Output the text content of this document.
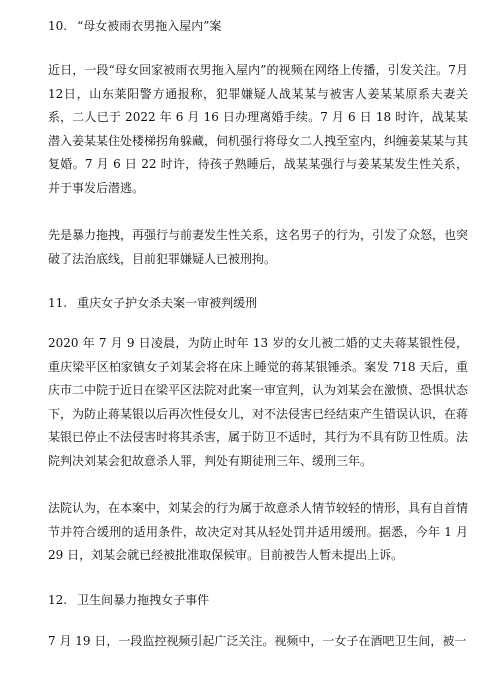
10. “母女被雨衣男拖入屋内”案

近日，一段“母女回家被雨衣男拖入屋内”的视频在网络上传播，引发关注。7月12日，山东莱阳警方通报称，犯罪嫌疑人战某某与被害人姜某某原系夫妻关系，二人已于 2022 年 6 月 16 日办理离婚手续。7 月 6 日 18 时许，战某某潜入姜某某住处楼梯拐角躲藏，伺机强行将母女二人拽至室内，纠缠姜某某与其复婚。7 月 6 日 22 时许，待孩子熟睡后，战某某强行与姜某某发生性关系，并于事发后潜逃。

先是暴力拖拽，再强行与前妻发生性关系，这名男子的行为，引发了众怒，也突破了法治底线，目前犯罪嫌疑人已被刑拘。

11. 重庆女子护女杀夫案一审被判缓刑

2020 年 7 月 9 日凌晨，为防止时年 13 岁的女儿被二婚的丈夫蒋某银性侵，重庆梁平区柏家镇女子刘某会将在床上睡觉的蒋某银锤杀。案发 718 天后，重庆市二中院于近日在梁平区法院对此案一审宣判，认为刘某会在激愤、恐惧状态下，为防止蒋某银以后再次性侵女儿，对不法侵害已经结束产生错误认识，在蒋某银已停止不法侵害时将其杀害，属于防卫不适时，其行为不具有防卫性质。法院判决刘某会犯故意杀人罪，判处有期徒刑三年、缓刑三年。

法院认为，在本案中，刘某会的行为属于故意杀人情节较轻的情形，具有自首情节并符合缓刑的适用条件，故决定对其从轻处罚并适用缓刑。据悉，今年 1 月29 日，刘某会就已经被批准取保候审。目前被告人暂未提出上诉。

12. 卫生间暴力拖拽女子事件

7 月 19 日，一段监控视频引起广泛关注。视频中，一女子在酒吧卫生间，被一
